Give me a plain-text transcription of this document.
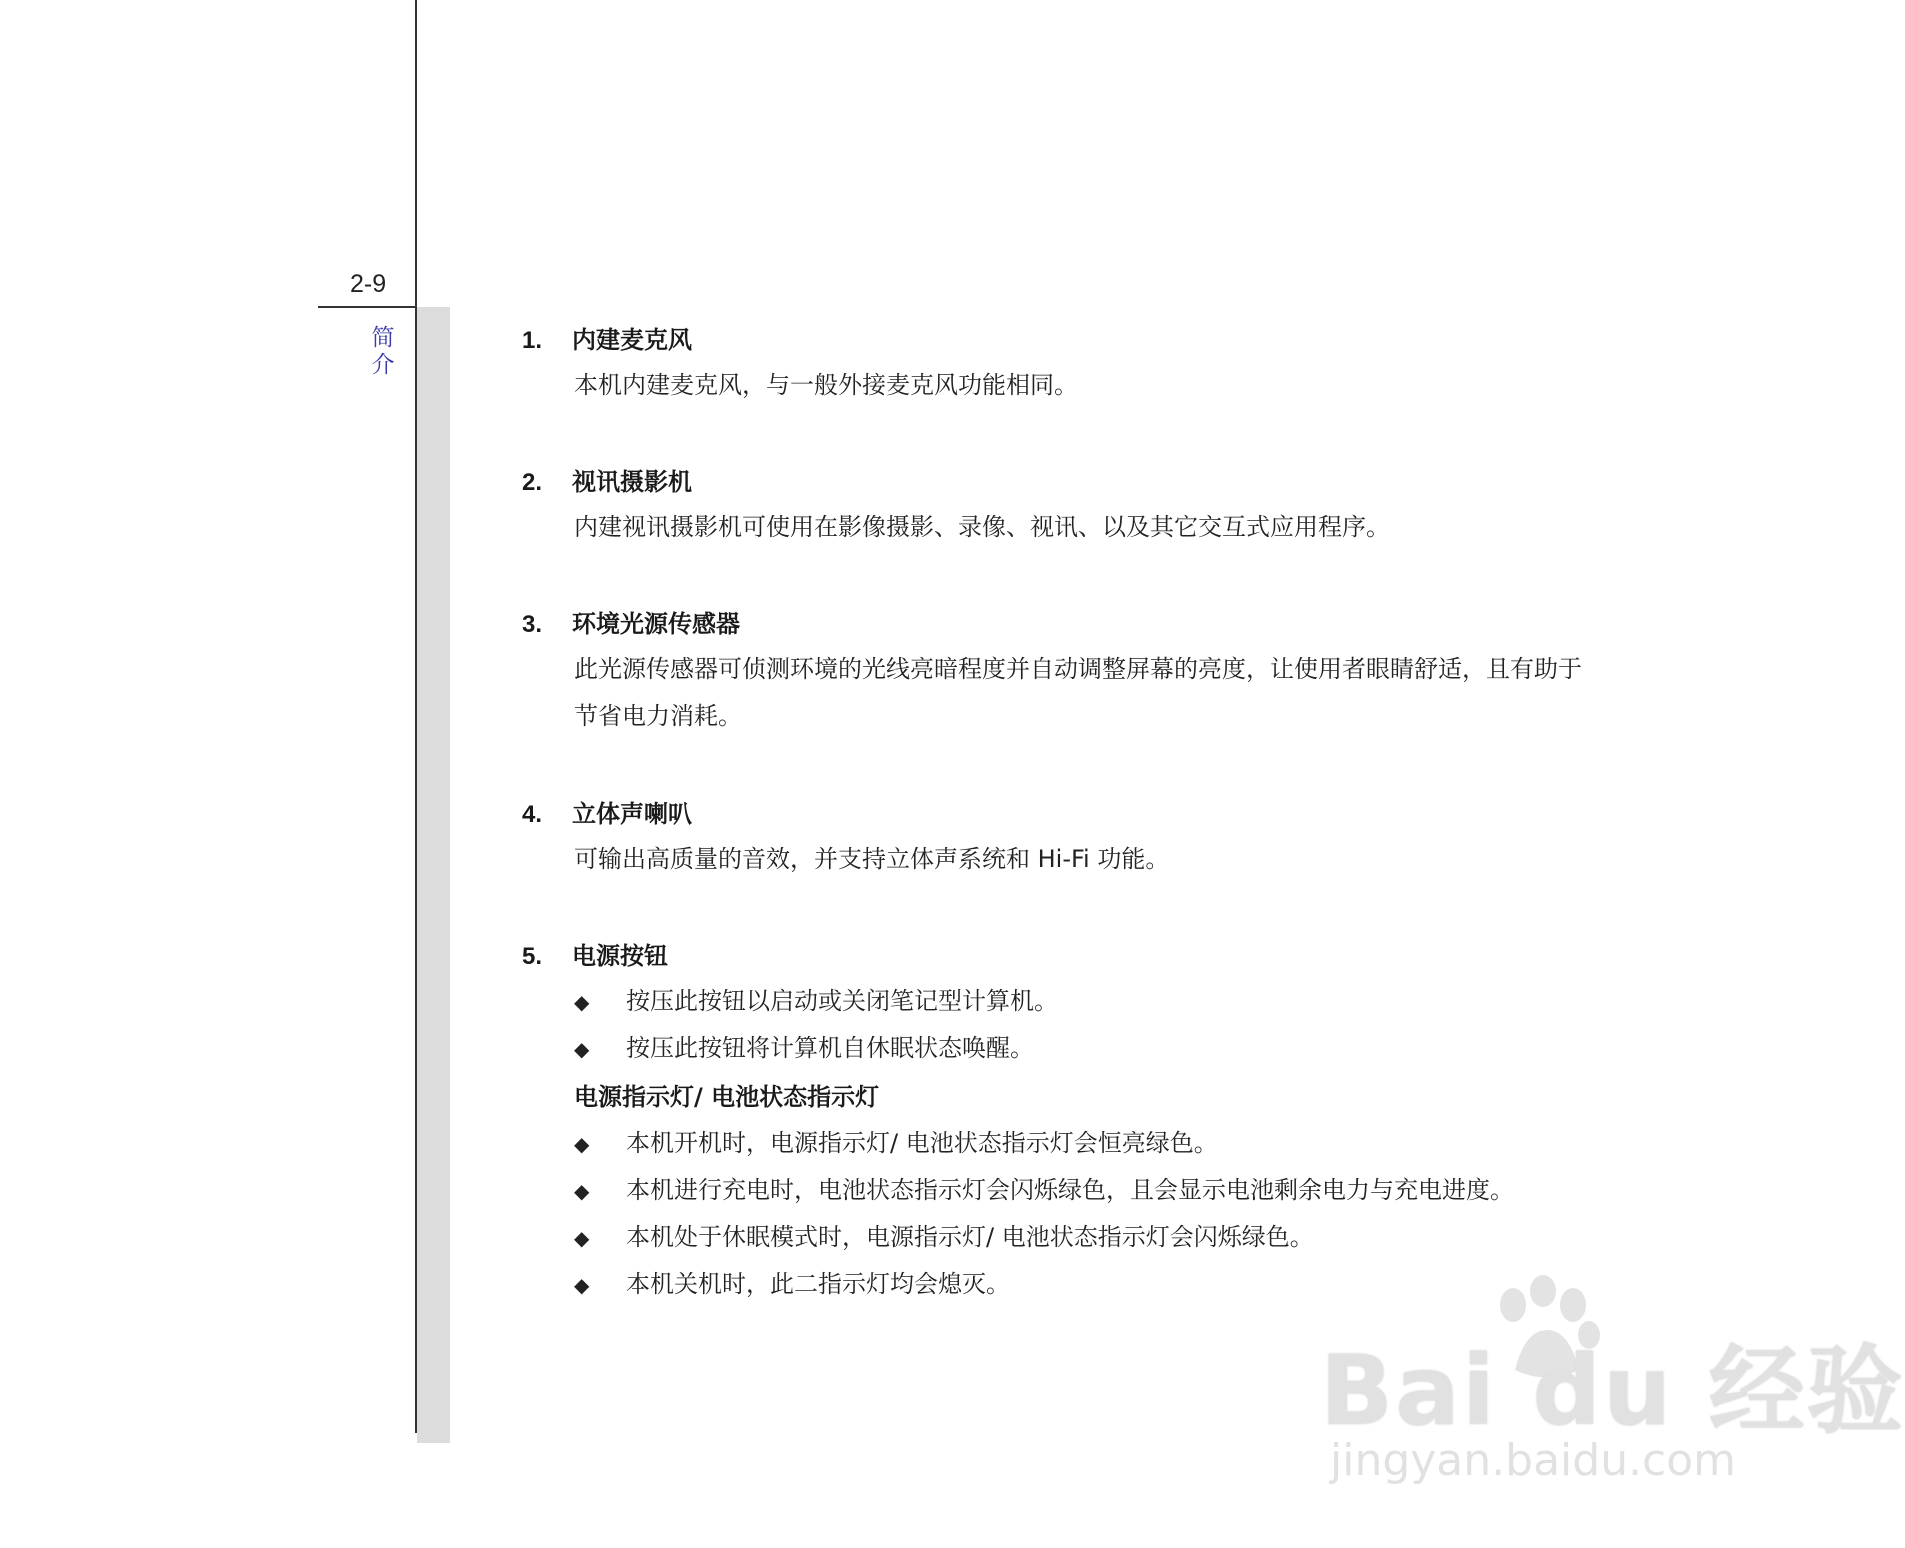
2-9
简介
1. 内建麦克风
本机内建麦克风，与一般外接麦克风功能相同。
2. 视讯摄影机
内建视讯摄影机可使用在影像摄影、录像、视讯、以及其它交互式应用程序。
3. 环境光源传感器
此光源传感器可侦测环境的光线亮暗程度并自动调整屏幕的亮度，让使用者眼睛舒适，且有助于
节省电力消耗。
4. 立体声喇叭
可输出高质量的音效，并支持立体声系统和 Hi-Fi 功能。
5. 电源按钮
◆ 按压此按钮以启动或关闭笔记型计算机。
◆ 按压此按钮将计算机自休眠状态唤醒。
电源指示灯/ 电池状态指示灯
◆ 本机开机时，电源指示灯/ 电池状态指示灯会恒亮绿色。
◆ 本机进行充电时，电池状态指示灯会闪烁绿色，且会显示电池剩余电力与充电进度。
◆ 本机处于休眠模式时，电源指示灯/ 电池状态指示灯会闪烁绿色。
◆ 本机关机时，此二指示灯均会熄灭。
Bai du 经验
jingyan.baidu.com
